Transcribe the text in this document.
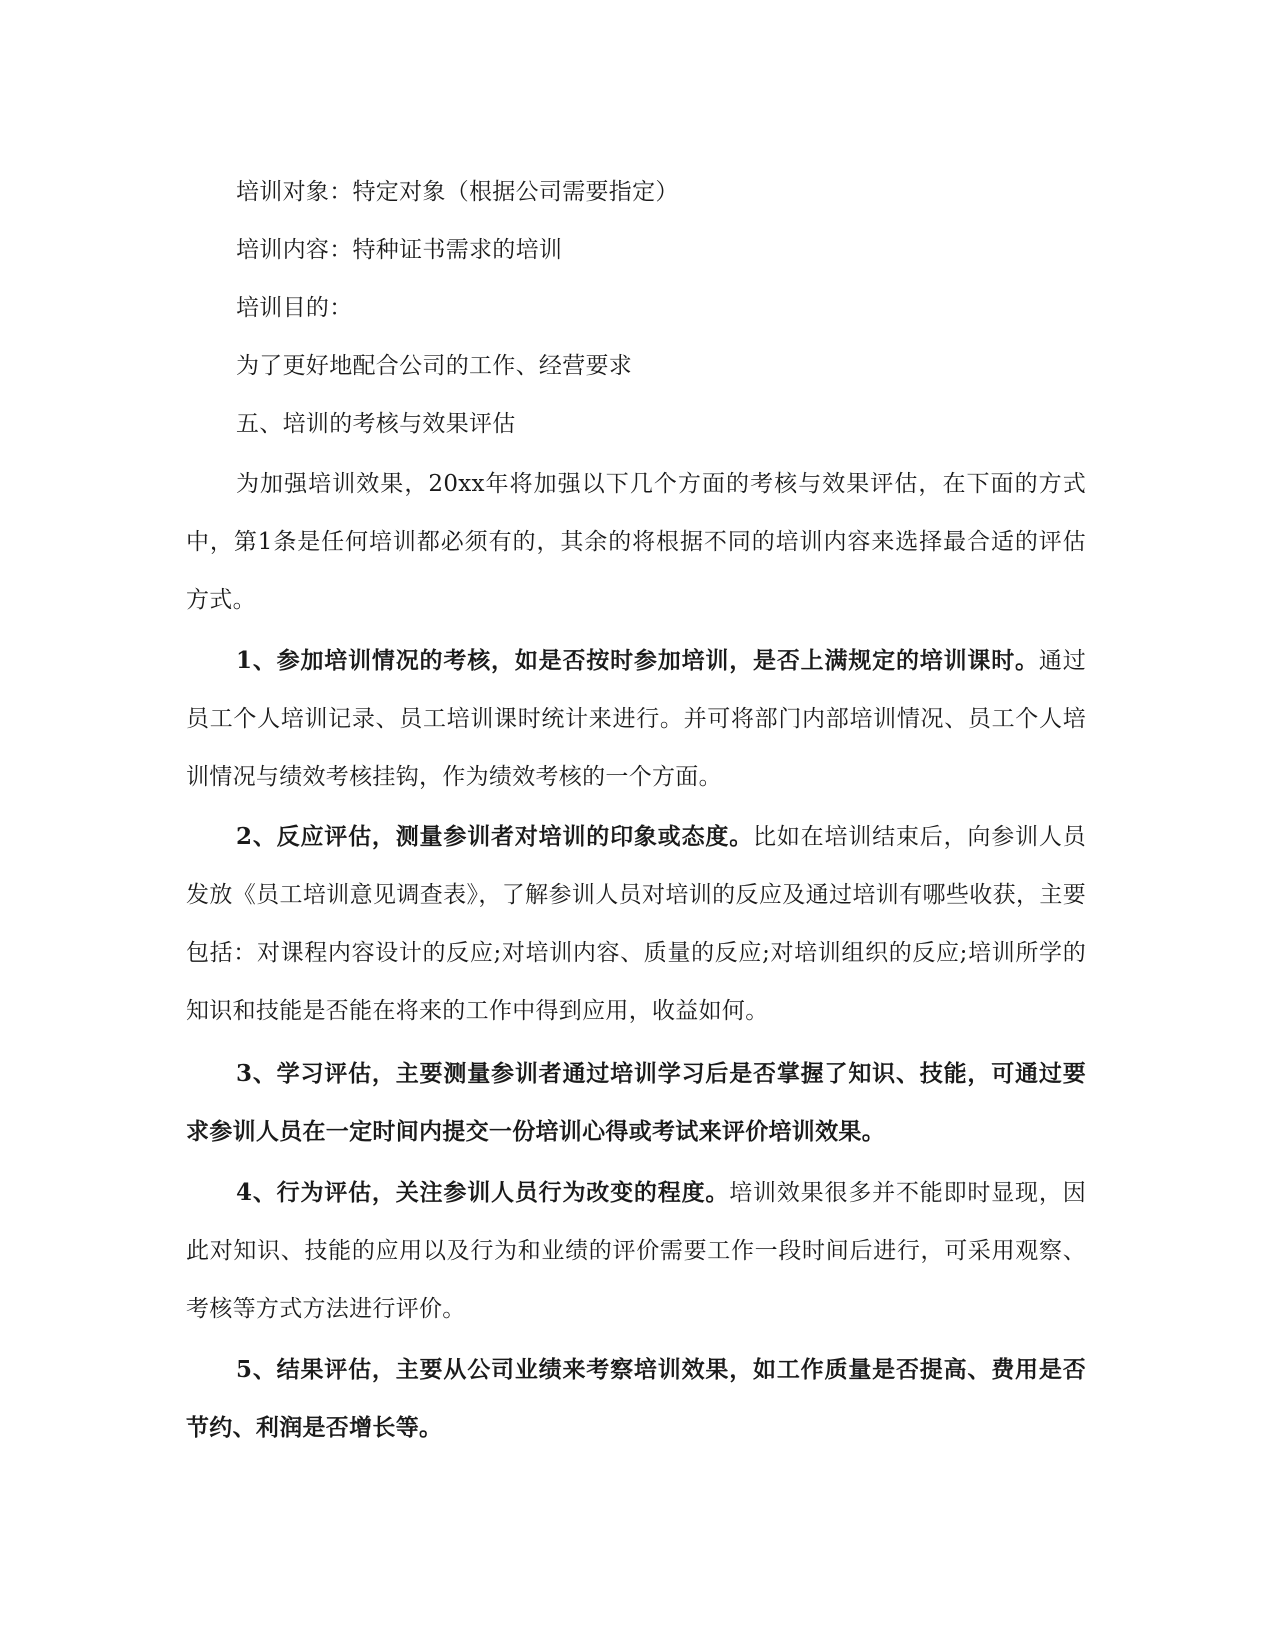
培训对象：特定对象（根据公司需要指定）

培训内容：特种证书需求的培训

培训目的：

为了更好地配合公司的工作、经营要求

五、培训的考核与效果评估

为加强培训效果，20xx年将加强以下几个方面的考核与效果评估，在下面的方式中，第1条是任何培训都必须有的，其余的将根据不同的培训内容来选择最合适的评估方式。

1、参加培训情况的考核，如是否按时参加培训，是否上满规定的培训课时。通过员工个人培训记录、员工培训课时统计来进行。并可将部门内部培训情况、员工个人培训情况与绩效考核挂钩，作为绩效考核的一个方面。

2、反应评估，测量参训者对培训的印象或态度。比如在培训结束后，向参训人员发放《员工培训意见调查表》，了解参训人员对培训的反应及通过培训有哪些收获，主要包括：对课程内容设计的反应;对培训内容、质量的反应;对培训组织的反应;培训所学的知识和技能是否能在将来的工作中得到应用，收益如何。

3、学习评估，主要测量参训者通过培训学习后是否掌握了知识、技能，可通过要求参训人员在一定时间内提交一份培训心得或考试来评价培训效果。

4、行为评估，关注参训人员行为改变的程度。培训效果很多并不能即时显现，因此对知识、技能的应用以及行为和业绩的评价需要工作一段时间后进行，可采用观察、考核等方式方法进行评价。

5、结果评估，主要从公司业绩来考察培训效果，如工作质量是否提高、费用是否节约、利润是否增长等。
